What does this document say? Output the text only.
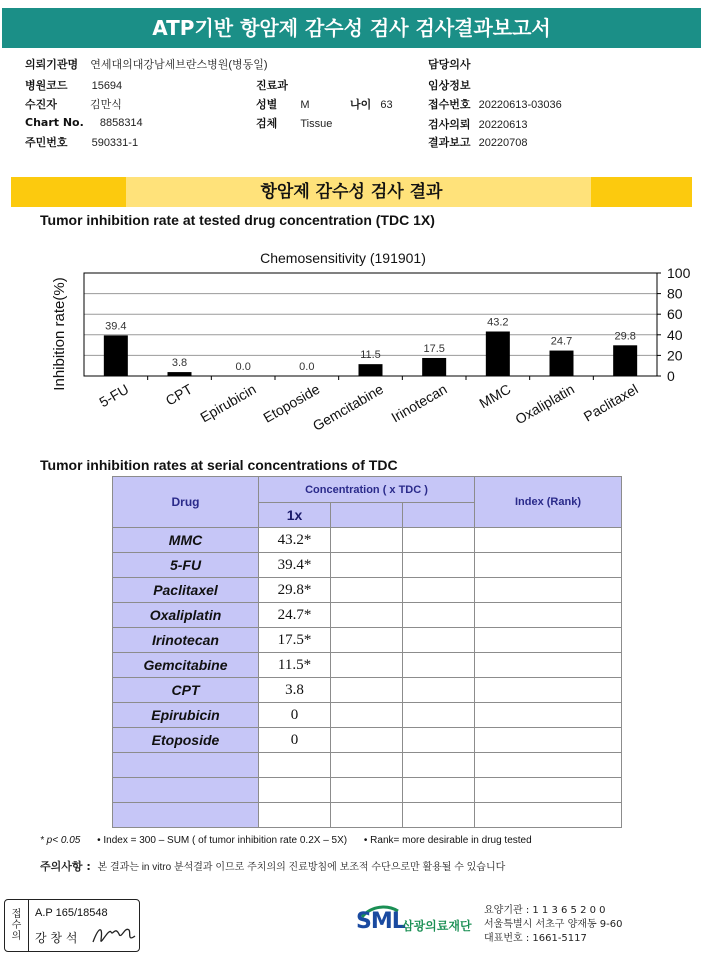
ATP기반 항암제 감수성 검사 검사결과보고서
의뢰기관명 연세대의대강남세브란스병원(병동일)
병원코드 15694
수진자	김만식
Chart No. 8858314
주민번호 590331-1
진료과
성별 M	나이 63
검체 Tissue
담당의사
임상정보
접수번호 20220613-03036
검사의뢰 20220613
결과보고 20220708
항암제 감수성 검사 결과
Tumor inhibition rate at tested drug concentration (TDC 1X)
Chemosensitivity (191901)
Inhibition rate(%)	39.4
3.8	0.0	0.0
11.5
17.5
43.2
24.7	29.8
0
20
40
60
80
100
5-FU CPT Epirubicin Etoposide
Gemcitabine Irinotecan MMC Oxaliplatin Paclitaxel
Tumor inhibition rates at serial concentrations of TDC
Drug	Concentration ( x TDC )			Index (Rank)
	1x			
MMC	43.2*			
5-FU	39.4*			
Paclitaxel	29.8*			
Oxaliplatin	24.7*			
Irinotecan	17.5*			
Gemcitabine	11.5*			
CPT	3.8			
Epirubicin	0			
Etoposide	0			

* p< 0.05 • Index = 300 – SUM ( of tumor inhibition rate 0.2X – 5X) • Rank= more desirable in drug tested
주의사항 : 본 결과는 in vitro 분석결과 이므로 주치의의 진료방침에 보조적 수단으로만 활용될 수 있습니다
접수의
A.P 165/18548
강 창 석
SML
삼광의료재단
요양기관 : 1 1 3 6 5 2 0 0
서울특별시 서초구 양재동 9-60
대표번호 : 1661-5117
